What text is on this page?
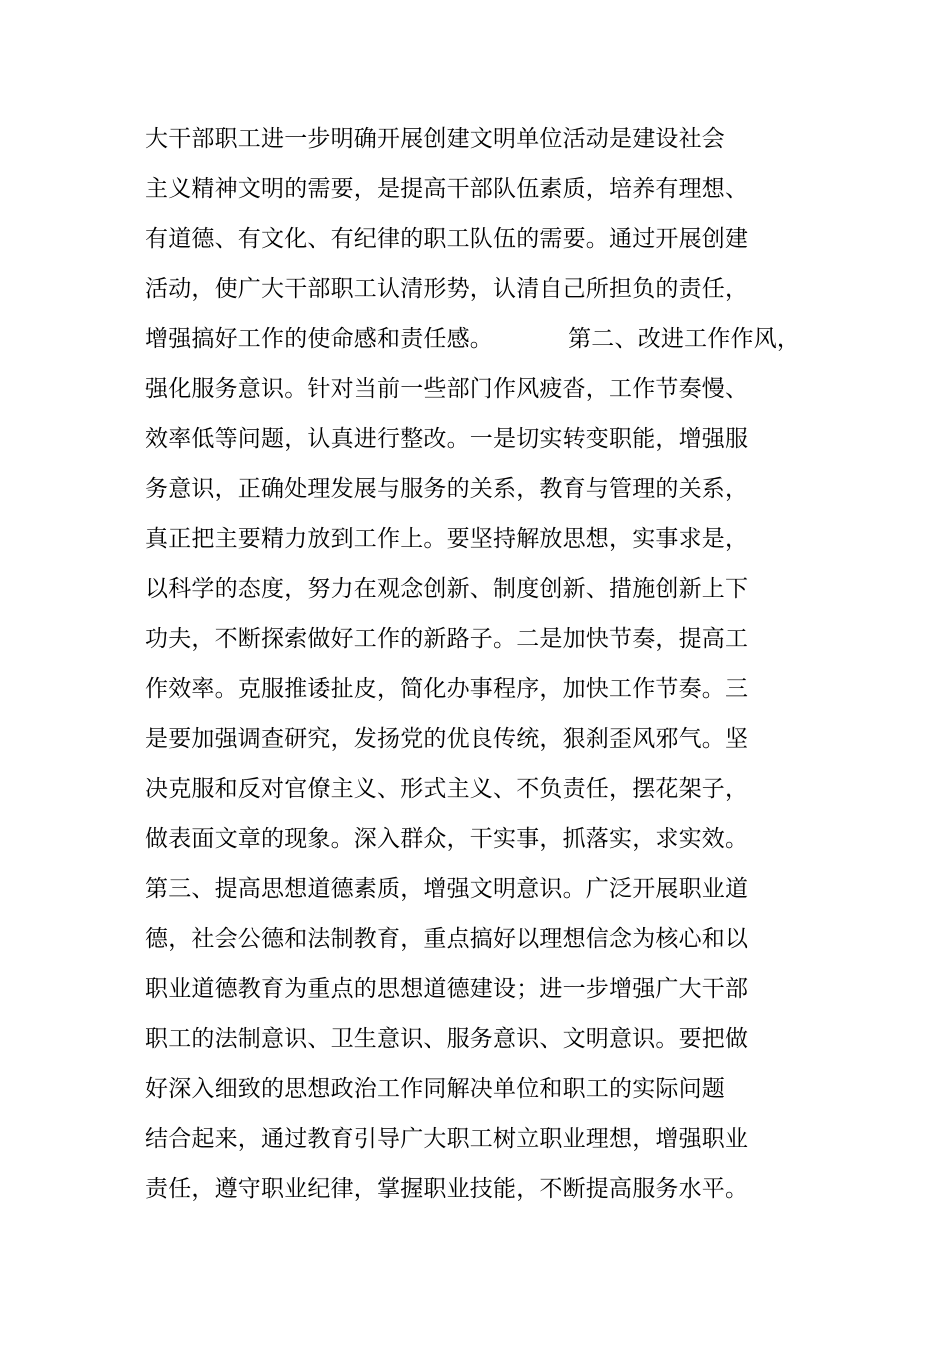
大干部职工进一步明确开展创建文明单位活动是建设社会
主义精神文明的需要，是提高干部队伍素质，培养有理想、
有道德、有文化、有纪律的职工队伍的需要。通过开展创建
活动，使广大干部职工认清形势，认清自己所担负的责任，
增强搞好工作的使命感和责任感。          第二、改进工作作风，
强化服务意识。针对当前一些部门作风疲沓，工作节奏慢、
效率低等问题，认真进行整改。一是切实转变职能，增强服
务意识，正确处理发展与服务的关系，教育与管理的关系，
真正把主要精力放到工作上。要坚持解放思想，实事求是，
以科学的态度，努力在观念创新、制度创新、措施创新上下
功夫，不断探索做好工作的新路子。二是加快节奏，提高工
作效率。克服推诿扯皮，简化办事程序，加快工作节奏。三
是要加强调查研究，发扬党的优良传统，狠刹歪风邪气。坚
决克服和反对官僚主义、形式主义、不负责任，摆花架子，
做表面文章的现象。深入群众，干实事，抓落实，求实效。
第三、提高思想道德素质，增强文明意识。广泛开展职业道
德，社会公德和法制教育，重点搞好以理想信念为核心和以
职业道德教育为重点的思想道德建设；进一步增强广大干部
职工的法制意识、卫生意识、服务意识、文明意识。要把做
好深入细致的思想政治工作同解决单位和职工的实际问题
结合起来，通过教育引导广大职工树立职业理想，增强职业
责任，遵守职业纪律，掌握职业技能，不断提高服务水平。
